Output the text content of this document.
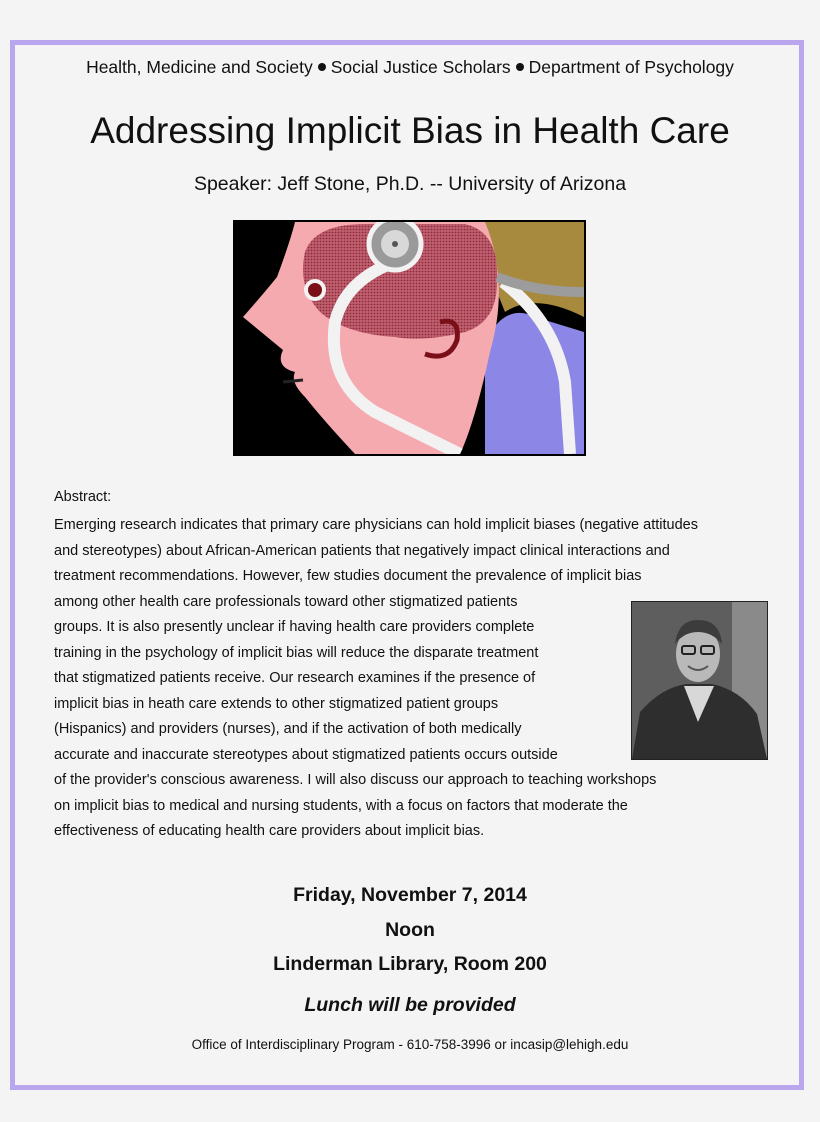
Health, Medicine and Society Social Justice Scholars Department of Psychology
Addressing Implicit Bias in Health Care
Speaker: Jeff Stone, Ph.D. -- University of Arizona
Abstract:
Emerging research indicates that primary care physicians can hold implicit biases (negative attitudes
and stereotypes) about African-American patients that negatively impact clinical interactions and
treatment recommendations. However, few studies document the prevalence of implicit bias
among other health care professionals toward other stigmatized patients
groups. It is also presently unclear if having health care providers complete
training in the psychology of implicit bias will reduce the disparate treatment
that stigmatized patients receive. Our research examines if the presence of
implicit bias in heath care extends to other stigmatized patient groups
(Hispanics) and providers (nurses), and if the activation of both medically
accurate and inaccurate stereotypes about stigmatized patients occurs outside
of the provider's conscious awareness. I will also discuss our approach to teaching workshops
on implicit bias to medical and nursing students, with a focus on factors that moderate the
effectiveness of educating health care providers about implicit bias.
Friday, November 7, 2014
Noon
Linderman Library, Room 200
Lunch will be provided
Office of Interdisciplinary Program - 610-758-3996 or incasip@lehigh.edu
